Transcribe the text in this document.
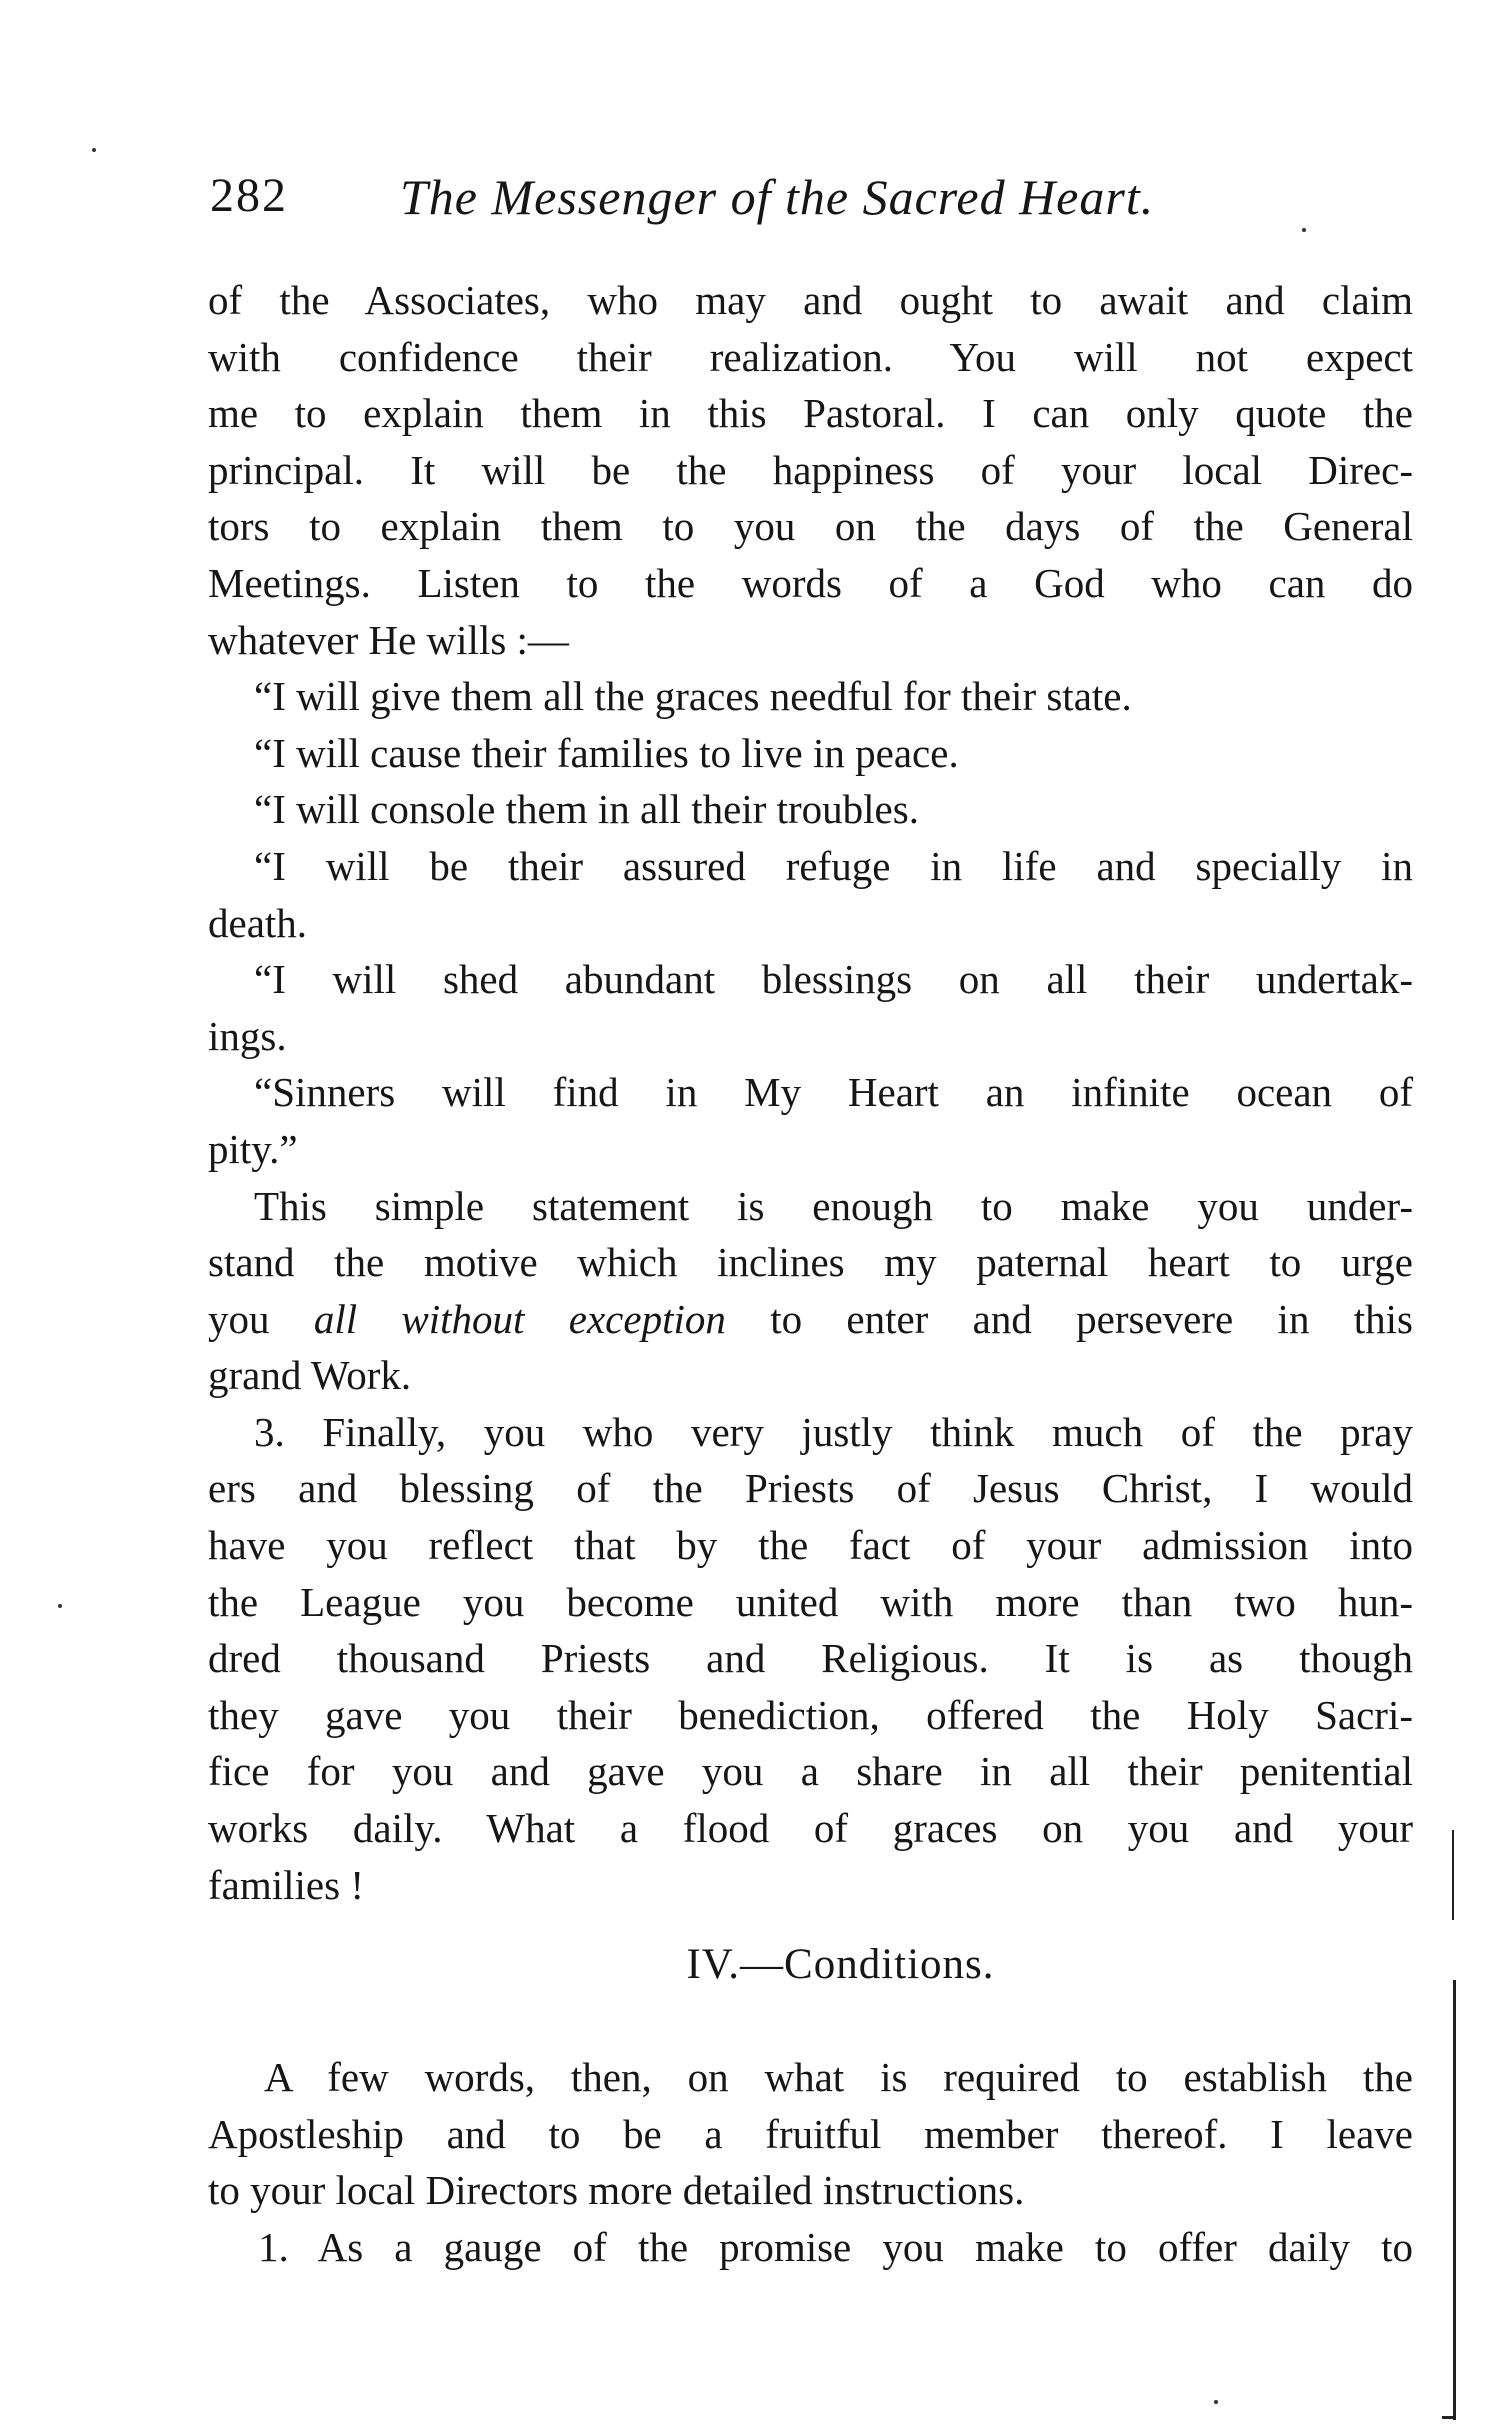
282 The Messenger of the Sacred Heart.
of the Associates, who may and ought to await and claim
with confidence their realization. You will not expect
me to explain them in this Pastoral. I can only quote the
principal. It will be the happiness of your local Direc-
tors to explain them to you on the days of the General
Meetings. Listen to the words of a God who can do
whatever He wills :—
“I will give them all the graces needful for their state.
“I will cause their families to live in peace.
“I will console them in all their troubles.
“I will be their assured refuge in life and specially in
death.
“I will shed abundant blessings on all their undertak-
ings.
“Sinners will find in My Heart an infinite ocean of
pity.”
This simple statement is enough to make you under-
stand the motive which inclines my paternal heart to urge
you all without exception to enter and persevere in this
grand Work.
3. Finally, you who very justly think much of the pray
ers and blessing of the Priests of Jesus Christ, I would
have you reflect that by the fact of your admission into
the League you become united with more than two hun-
dred thousand Priests and Religious. It is as though
they gave you their benediction, offered the Holy Sacri-
fice for you and gave you a share in all their penitential
works daily. What a flood of graces on you and your
families !
IV.—Conditions.
A few words, then, on what is required to establish the
Apostleship and to be a fruitful member thereof. I leave
to your local Directors more detailed instructions.
1. As a gauge of the promise you make to offer daily to
